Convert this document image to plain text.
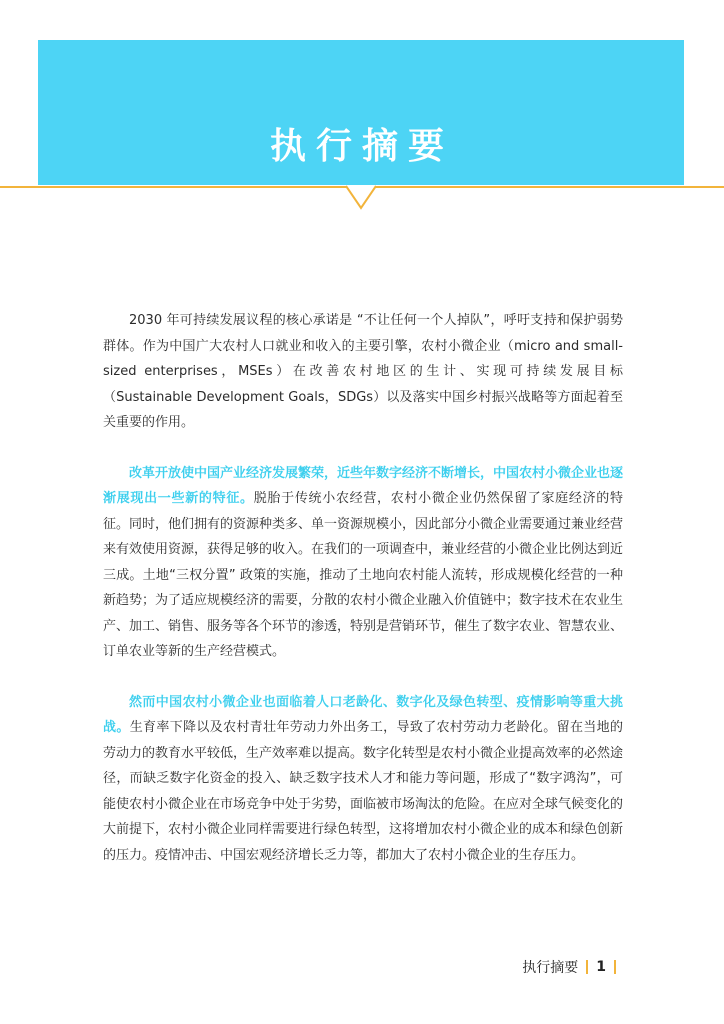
执行摘要

2030 年可持续发展议程的核心承诺是 “不让任何一个人掉队”，呼吁支持和保护弱势群体。作为中国广大农村人口就业和收入的主要引擎，农村小微企业（micro and small-sized enterprises，MSEs）在改善农村地区的生计、实现可持续发展目标（Sustainable Development Goals，SDGs）以及落实中国乡村振兴战略等方面起着至关重要的作用。

改革开放使中国产业经济发展繁荣，近些年数字经济不断增长，中国农村小微企业也逐渐展现出一些新的特征。脱胎于传统小农经营，农村小微企业仍然保留了家庭经济的特征。同时，他们拥有的资源种类多、单一资源规模小，因此部分小微企业需要通过兼业经营来有效使用资源，获得足够的收入。在我们的一项调查中，兼业经营的小微企业比例达到近三成。土地“三权分置” 政策的实施，推动了土地向农村能人流转，形成规模化经营的一种新趋势；为了适应规模经济的需要，分散的农村小微企业融入价值链中；数字技术在农业生产、加工、销售、服务等各个环节的渗透，特别是营销环节，催生了数字农业、智慧农业、订单农业等新的生产经营模式。

然而中国农村小微企业也面临着人口老龄化、数字化及绿色转型、疫情影响等重大挑战。生育率下降以及农村青壮年劳动力外出务工，导致了农村劳动力老龄化。留在当地的劳动力的教育水平较低，生产效率难以提高。数字化转型是农村小微企业提高效率的必然途径，而缺乏数字化资金的投入、缺乏数字技术人才和能力等问题，形成了“数字鸿沟”，可能使农村小微企业在市场竞争中处于劣势，面临被市场淘汰的危险。在应对全球气候变化的大前提下，农村小微企业同样需要进行绿色转型，这将增加农村小微企业的成本和绿色创新的压力。疫情冲击、中国宏观经济增长乏力等，都加大了农村小微企业的生存压力。

执行摘要 1
